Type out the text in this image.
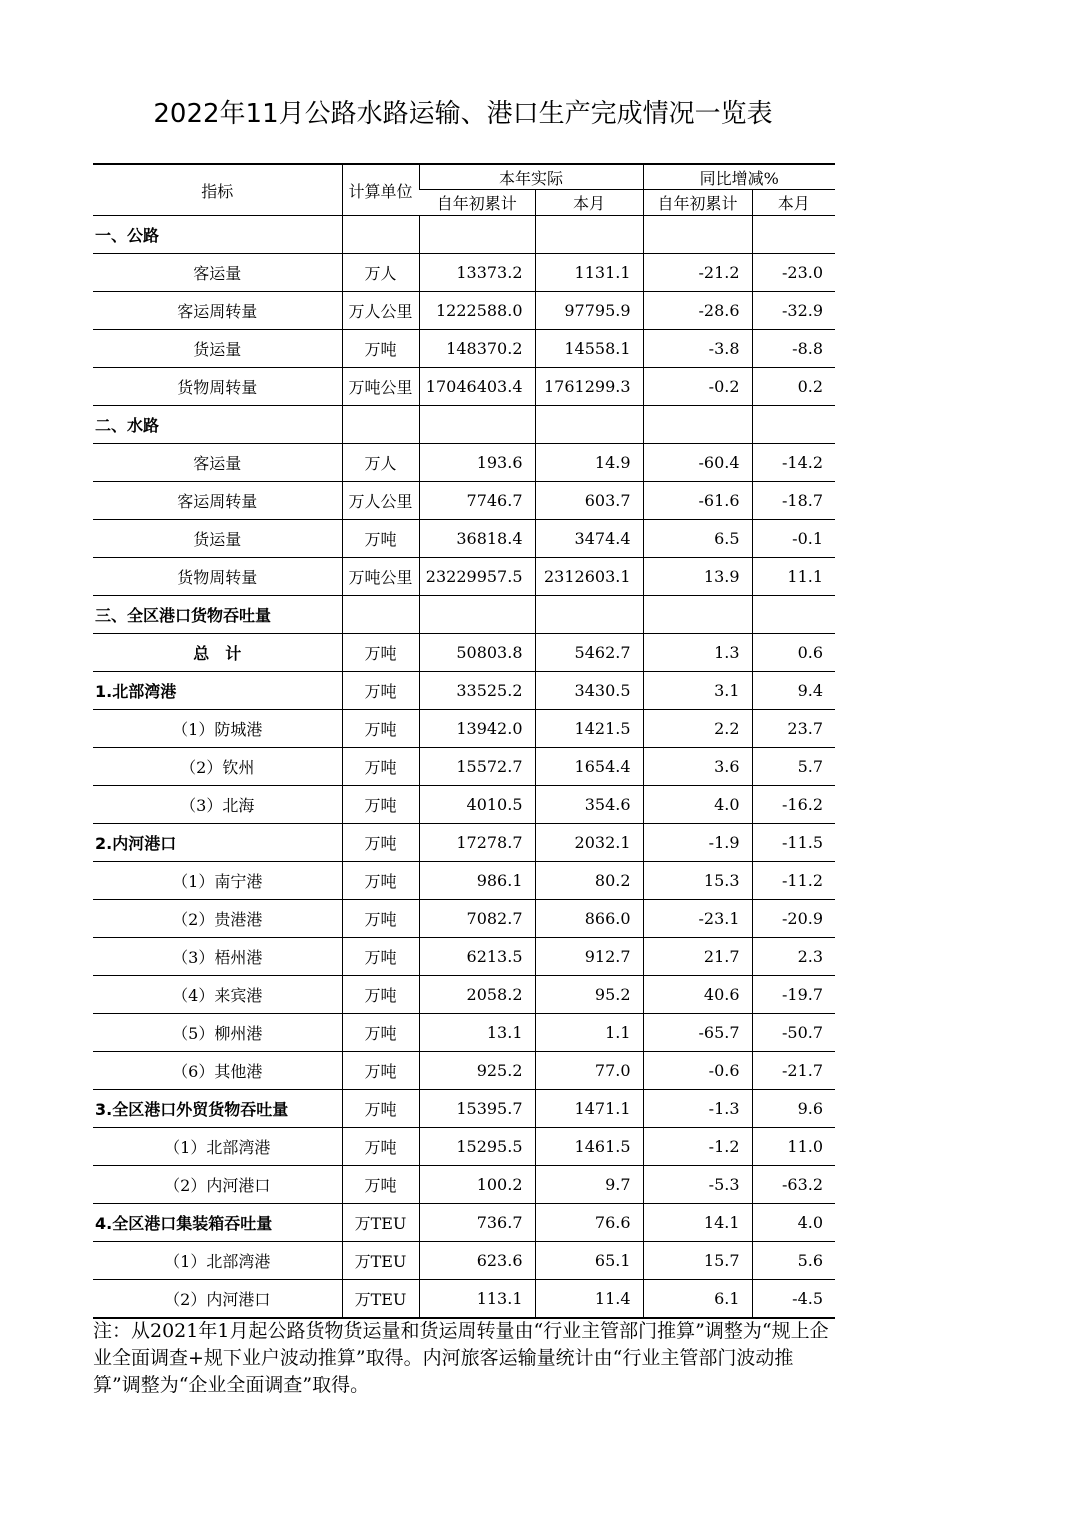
2022年11月公路水路运输、港口生产完成情况一览表
指标	计算单位	本年实际		同比增减%	
		自年初累计	本月	自年初累计	本月
一、公路					
客运量	万人	13373.2	1131.1	-21.2	-23.0
客运周转量	万人公里	1222588.0	97795.9	-28.6	-32.9
货运量	万吨	148370.2	14558.1	-3.8	-8.8
货物周转量	万吨公里	17046403.4	1761299.3	-0.2	0.2
二、水路					
客运量	万人	193.6	14.9	-60.4	-14.2
客运周转量	万人公里	7746.7	603.7	-61.6	-18.7
货运量	万吨	36818.4	3474.4	6.5	-0.1
货物周转量	万吨公里	23229957.5	2312603.1	13.9	11.1
三、全区港口货物吞吐量					
总　计	万吨	50803.8	5462.7	1.3	0.6
1.北部湾港	万吨	33525.2	3430.5	3.1	9.4
（1）防城港	万吨	13942.0	1421.5	2.2	23.7
（2）钦州	万吨	15572.7	1654.4	3.6	5.7
（3）北海	万吨	4010.5	354.6	4.0	-16.2
2.内河港口	万吨	17278.7	2032.1	-1.9	-11.5
（1）南宁港	万吨	986.1	80.2	15.3	-11.2
（2）贵港港	万吨	7082.7	866.0	-23.1	-20.9
（3）梧州港	万吨	6213.5	912.7	21.7	2.3
（4）来宾港	万吨	2058.2	95.2	40.6	-19.7
（5）柳州港	万吨	13.1	1.1	-65.7	-50.7
（6）其他港	万吨	925.2	77.0	-0.6	-21.7
3.全区港口外贸货物吞吐量	万吨	15395.7	1471.1	-1.3	9.6
（1）北部湾港	万吨	15295.5	1461.5	-1.2	11.0
（2）内河港口	万吨	100.2	9.7	-5.3	-63.2
4.全区港口集装箱吞吐量	万TEU	736.7	76.6	14.1	4.0
（1）北部湾港	万TEU	623.6	65.1	15.7	5.6
（2）内河港口	万TEU	113.1	11.4	6.1	-4.5
注：从2021年1月起公路货物货运量和货运周转量由“行业主管部门推算”调整为“规上企业全面调查+规下业户波动推算”取得。内河旅客运输量统计由“行业主管部门波动推算”调整为“企业全面调查”取得。
